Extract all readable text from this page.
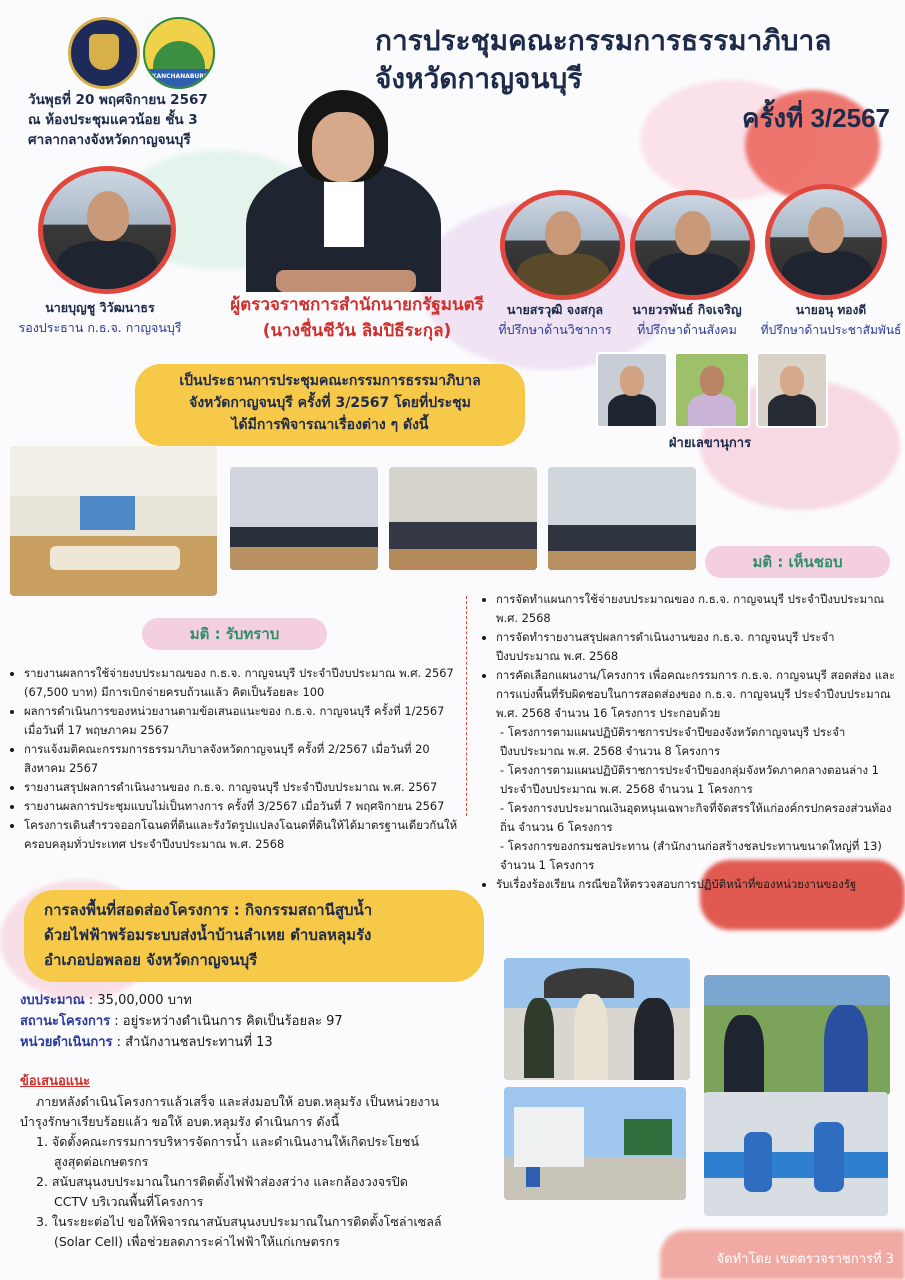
KANCHANABURI
การประชุมคณะกรรมการธรรมาภิบาล
จังหวัดกาญจนบุรี
ครั้งที่ 3/2567
วันพุธที่ 20 พฤศจิกายน 2567
ณ ห้องประชุมแควน้อย ชั้น 3
ศาลากลางจังหวัดกาญจนบุรี
ผู้ตรวจราชการสำนักนายกรัฐมนตรี
(นางชื่นชีวัน ลิมปิธีระกุล)
นายบุญชู วิวัฒนาธร
รองประธาน ก.ธ.จ. กาญจนบุรี
นายสรวุฒิ จงสกุล
ที่ปรึกษาด้านวิชาการ
นายวรพันธ์ กิจเจริญ
ที่ปรึกษาด้านสังคม
นายอนุ ทองดี
ที่ปรึกษาด้านประชาสัมพันธ์
เป็นประธานการประชุมคณะกรรมการธรรมาภิบาล
จังหวัดกาญจนบุรี ครั้งที่ 3/2567 โดยที่ประชุม
ได้มีการพิจารณาเรื่องต่าง ๆ ดังนี้
ฝ่ายเลขานุการ
มติ : เห็นชอบ
มติ : รับทราบ
• รายงานผลการใช้จ่ายงบประมาณของ ก.ธ.จ. กาญจนบุรี ประจำปีงบประมาณ พ.ศ. 2567 (67,500 บาท) มีการเบิกจ่ายครบถ้วนแล้ว คิดเป็นร้อยละ 100
• ผลการดำเนินการของหน่วยงานตามข้อเสนอแนะของ ก.ธ.จ. กาญจนบุรี ครั้งที่ 1/2567 เมื่อวันที่ 17 พฤษภาคม 2567
• การแจ้งมติคณะกรรมการธรรมาภิบาลจังหวัดกาญจนบุรี ครั้งที่ 2/2567 เมื่อวันที่ 20 สิงหาคม 2567
• รายงานสรุปผลการดำเนินงานของ ก.ธ.จ. กาญจนบุรี ประจำปีงบประมาณ พ.ศ. 2567
• รายงานผลการประชุมแบบไม่เป็นทางการ ครั้งที่ 3/2567 เมื่อวันที่ 7 พฤศจิกายน 2567
• โครงการเดินสำรวจออกโฉนดที่ดินและรังวัดรูปแปลงโฉนดที่ดินให้ได้มาตรฐานเดียวกันให้ครอบคลุมทั่วประเทศ ประจำปีงบประมาณ พ.ศ. 2568
• การจัดทำแผนการใช้จ่ายงบประมาณของ ก.ธ.จ. กาญจนบุรี ประจำปีงบประมาณ พ.ศ. 2568
• การจัดทำรายงานสรุปผลการดำเนินงานของ ก.ธ.จ. กาญจนบุรี ประจำปีงบประมาณ พ.ศ. 2568
• การคัดเลือกแผนงาน/โครงการ เพื่อคณะกรรมการ ก.ธ.จ. กาญจนบุรี สอดส่อง และการแบ่งพื้นที่รับผิดชอบในการสอดส่องของ ก.ธ.จ. กาญจนบุรี ประจำปีงบประมาณ พ.ศ. 2568 จำนวน 16 โครงการ ประกอบด้วย
- โครงการตามแผนปฏิบัติราชการประจำปีของจังหวัดกาญจนบุรี ประจำปีงบประมาณ พ.ศ. 2568 จำนวน 8 โครงการ
- โครงการตามแผนปฏิบัติราชการประจำปีของกลุ่มจังหวัดภาคกลางตอนล่าง 1 ประจำปีงบประมาณ พ.ศ. 2568 จำนวน 1 โครงการ
- โครงการงบประมาณเงินอุดหนุนเฉพาะกิจที่จัดสรรให้แก่องค์กรปกครองส่วนท้องถิ่น จำนวน 6 โครงการ
- โครงการของกรมชลประทาน (สำนักงานก่อสร้างชลประทานขนาดใหญ่ที่ 13) จำนวน 1 โครงการ
• รับเรื่องร้องเรียน กรณีขอให้ตรวจสอบการปฏิบัติหน้าที่ของหน่วยงานของรัฐ
การลงพื้นที่สอดส่องโครงการ : กิจกรรมสถานีสูบน้ำ
ด้วยไฟฟ้าพร้อมระบบส่งน้ำบ้านลำเหย ตำบลหลุมรัง
อำเภอบ่อพลอย จังหวัดกาญจนบุรี
งบประมาณ : 35,00,000 บาท
สถานะโครงการ : อยู่ระหว่างดำเนินการ คิดเป็นร้อยละ 97
หน่วยดำเนินการ : สำนักงานชลประทานที่ 13
ข้อเสนอแนะ
ภายหลังดำเนินโครงการแล้วเสร็จ และส่งมอบให้ อบต.หลุมรัง เป็นหน่วยงาน
บำรุงรักษาเรียบร้อยแล้ว ขอให้ อบต.หลุมรัง ดำเนินการ ดังนี้
1. จัดตั้งคณะกรรมการบริหารจัดการน้ำ และดำเนินงานให้เกิดประโยชน์
สูงสุดต่อเกษตรกร
2. สนับสนุนงบประมาณในการติดตั้งไฟฟ้าส่องสว่าง และกล้องวงจรปิด
CCTV บริเวณพื้นที่โครงการ
3. ในระยะต่อไป ขอให้พิจารณาสนับสนุนงบประมาณในการติดตั้งโซล่าเซลล์
(Solar Cell) เพื่อช่วยลดภาระค่าไฟฟ้าให้แก่เกษตรกร
จัดทำโดย เขตตรวจราชการที่ 3
